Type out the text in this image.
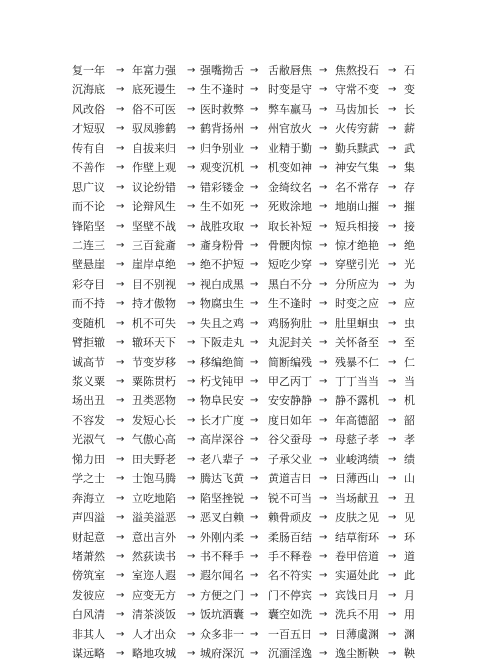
复一年 → 年富力强 → 强嘴拗舌 → 舌敝唇焦 → 焦熬投石 → 石
沉海底 → 底死谩生 → 生不逢时 → 时变是守 → 守常不变 → 变
风改俗 → 俗不可医 → 医时救弊 → 弊车羸马 → 马齿加长 → 长
才短驭 → 驭凤骖鹤 → 鹤背扬州 → 州官放火 → 火传穷薪 → 薪
传有自 → 自拔来归 → 归争别业 → 业精于勤 → 勤兵黩武 → 武
不善作 → 作壁上观 → 观变沉机 → 机变如神 → 神安气集 → 集
思广议 → 议论纷错 → 错彩镂金 → 金绮纹名 → 名不常存 → 存
而不论 → 论辩风生 → 生不如死 → 死败涂地 → 地崩山摧 → 摧
锋陷坚 → 坚壁不战 → 战胜攻取 → 取长补短 → 短兵相接 → 接
二连三 → 三百瓮齑 → 齑身粉骨 → 骨骾肉惊 → 惊才绝艳 → 绝
壁悬崖 → 崖岸卓绝 → 绝不护短 → 短吃少穿 → 穿壁引光 → 光
彩夺目 → 目不别视 → 视白成黑 → 黑白不分 → 分所应为 → 为
而不持 → 持才傲物 → 物腐虫生 → 生不逢时 → 时变之应 → 应
变随机 → 机不可失 → 失且之鸡 → 鸡肠狗肚 → 肚里蛔虫 → 虫
臂拒辙 → 辙环天下 → 下阪走丸 → 丸泥封关 → 关怀备至 → 至
诚高节 → 节变岁移 → 移编绝简 → 简断编残 → 残暴不仁 → 仁
浆义粟 → 粟陈贯朽 → 朽戈钝甲 → 甲乙丙丁 → 丁丁当当 → 当
场出丑 → 丑类恶物 → 物阜民安 → 安安静静 → 静不露机 → 机
不容发 → 发短心长 → 长才广度 → 度日如年 → 年高德韶 → 韶
光淑气 → 气傲心高 → 高岸深谷 → 谷父蚕母 → 母慈子孝 → 孝
悌力田 → 田夫野老 → 老八辈子 → 子承父业 → 业峻鸿绩 → 绩
学之士 → 士饱马腾 → 腾达飞黄 → 黄道吉日 → 日薄西山 → 山
奔海立 → 立吃地陷 → 陷坚挫锐 → 锐不可当 → 当场献丑 → 丑
声四溢 → 溢美溢恶 → 恶叉白赖 → 赖骨顽皮 → 皮肤之见 → 见
财起意 → 意出言外 → 外刚内柔 → 柔肠百结 → 结草衔环 → 环
堵萧然 → 然荻读书 → 书不释手 → 手不释卷 → 卷甲倍道 → 道
傍筑室 → 室迩人遐 → 遐尔闻名 → 名不符实 → 实逼处此 → 此
发彼应 → 应变无方 → 方便之门 → 门不停宾 → 宾饯日月 → 月
白风清 → 清茶淡饭 → 饭坑酒囊 → 囊空如洗 → 洗兵不用 → 用
非其人 → 人才出众 → 众多非一 → 一百五日 → 日薄虞渊 → 渊
谋远略 → 略地攻城 → 城府深沉 → 沉湎淫逸 → 逸尘断鞅 → 鞅
